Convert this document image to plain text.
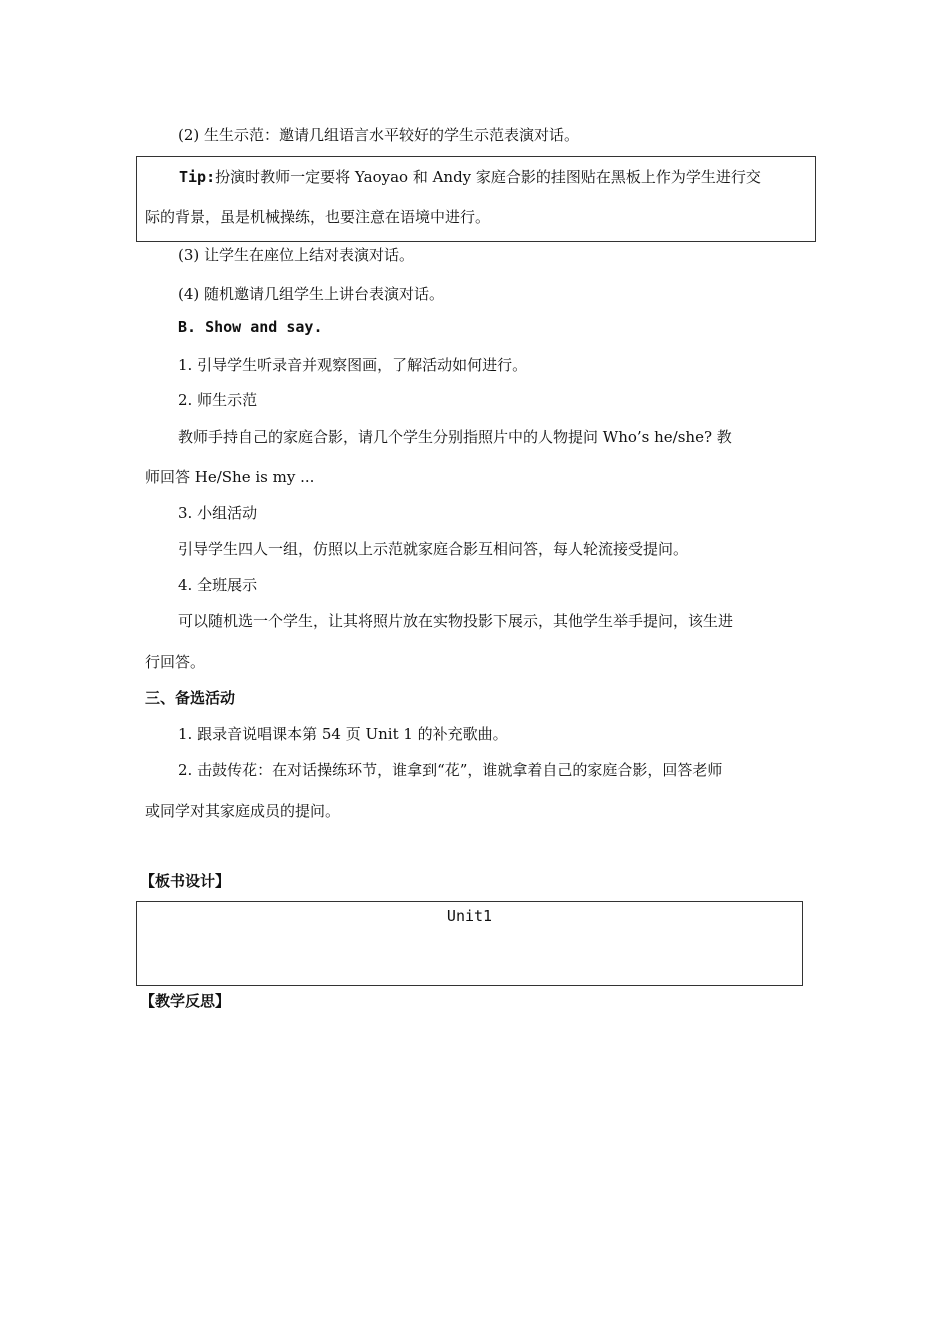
(2) 生生示范：邀请几组语言水平较好的学生示范表演对话。
Tip:扮演时教师一定要将 Yaoyao 和 Andy 家庭合影的挂图贴在黑板上作为学生进行交
际的背景，虽是机械操练，也要注意在语境中进行。
(3) 让学生在座位上结对表演对话。
(4) 随机邀请几组学生上讲台表演对话。
B. Show and say.
1. 引导学生听录音并观察图画，了解活动如何进行。
2. 师生示范
教师手持自己的家庭合影，请几个学生分别指照片中的人物提问 Who’s he/she? 教
师回答 He/She is my ...
3. 小组活动
引导学生四人一组，仿照以上示范就家庭合影互相问答，每人轮流接受提问。
4. 全班展示
可以随机选一个学生，让其将照片放在实物投影下展示，其他学生举手提问，该生进
行回答。
三、备选活动
1. 跟录音说唱课本第 54 页 Unit 1 的补充歌曲。
2. 击鼓传花：在对话操练环节，谁拿到“花”，谁就拿着自己的家庭合影，回答老师
或同学对其家庭成员的提问。
【板书设计】
Unit1
【教学反思】
